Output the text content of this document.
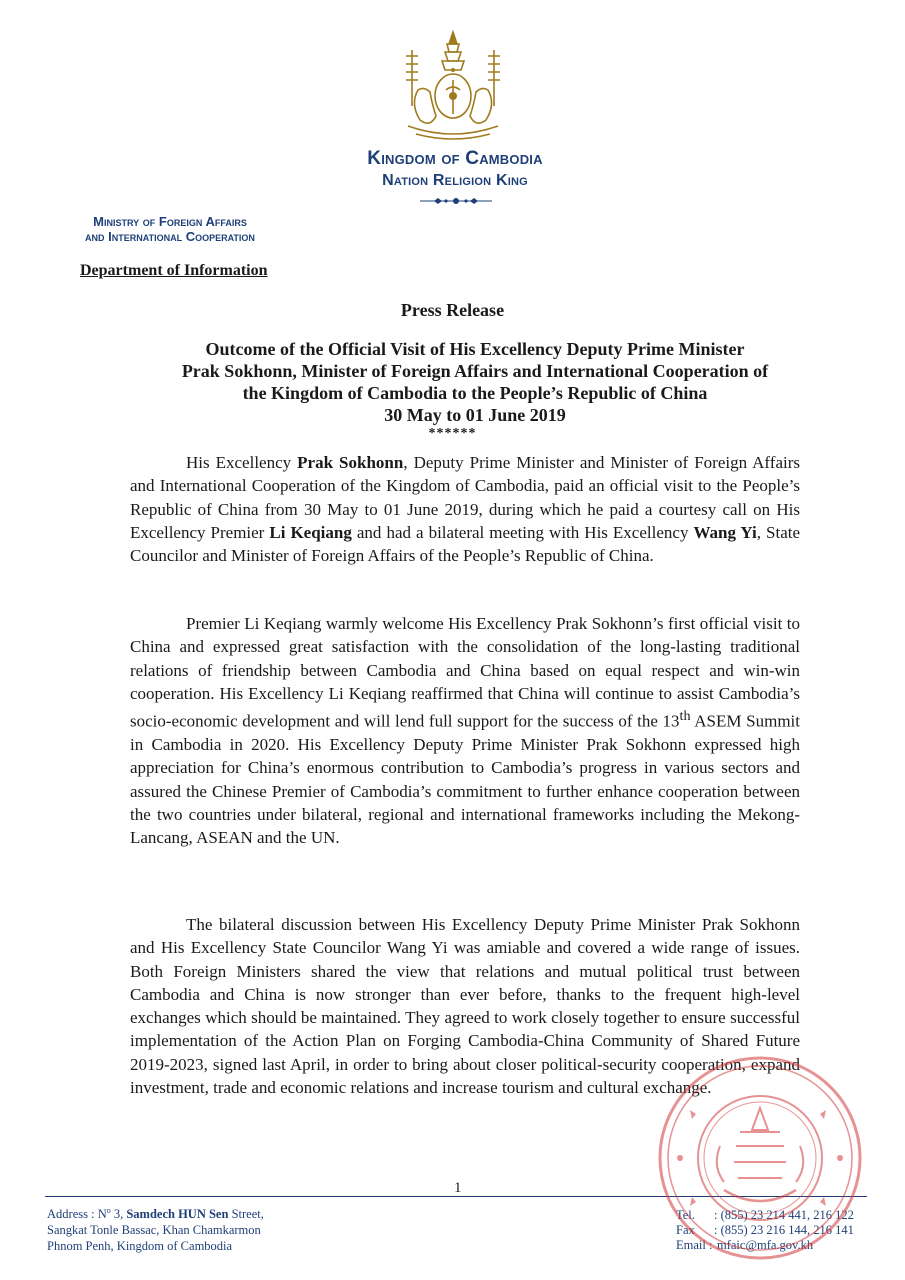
Kingdom of Cambodia
Nation Religion King
Ministry of Foreign Affairs
and International Cooperation
Department of Information
Press Release
Outcome of the Official Visit of His Excellency Deputy Prime Minister
Prak Sokhonn, Minister of Foreign Affairs and International Cooperation of
the Kingdom of Cambodia to the People’s Republic of China
30 May to 01 June 2019
******

His Excellency Prak Sokhonn, Deputy Prime Minister and Minister of Foreign Affairs and International Cooperation of the Kingdom of Cambodia, paid an official visit to the People’s Republic of China from 30 May to 01 June 2019, during which he paid a courtesy call on His Excellency Premier Li Keqiang and had a bilateral meeting with His Excellency Wang Yi, State Councilor and Minister of Foreign Affairs of the People’s Republic of China.

Premier Li Keqiang warmly welcome His Excellency Prak Sokhonn’s first official visit to China and expressed great satisfaction with the consolidation of the long-lasting traditional relations of friendship between Cambodia and China based on equal respect and win-win cooperation. His Excellency Li Keqiang reaffirmed that China will continue to assist Cambodia’s socio-economic development and will lend full support for the success of the 13th ASEM Summit in Cambodia in 2020. His Excellency Deputy Prime Minister Prak Sokhonn expressed high appreciation for China’s enormous contribution to Cambodia’s progress in various sectors and assured the Chinese Premier of Cambodia’s commitment to further enhance cooperation between the two countries under bilateral, regional and international frameworks including the Mekong-Lancang, ASEAN and the UN.

The bilateral discussion between His Excellency Deputy Prime Minister Prak Sokhonn and His Excellency State Councilor Wang Yi was amiable and covered a wide range of issues. Both Foreign Ministers shared the view that relations and mutual political trust between Cambodia and China is now stronger than ever before, thanks to the frequent high-level exchanges which should be maintained. They agreed to work closely together to ensure successful implementation of the Action Plan on Forging Cambodia-China Community of Shared Future 2019-2023, signed last April, in order to bring about closer political-security cooperation, expand investment, trade and economic relations and increase tourism and cultural exchange.

1
Address : $N^o$ 3, Samdech HUN Sen Street,
Sangkat Tonle Bassac, Khan Chamkarmon
Phnom Penh, Kingdom of Cambodia
Tel.	: (855) 23 214 441, 216 122
Fax	: (855) 23 216 144, 216 141
Email :	mfaic@mfa.gov.kh
